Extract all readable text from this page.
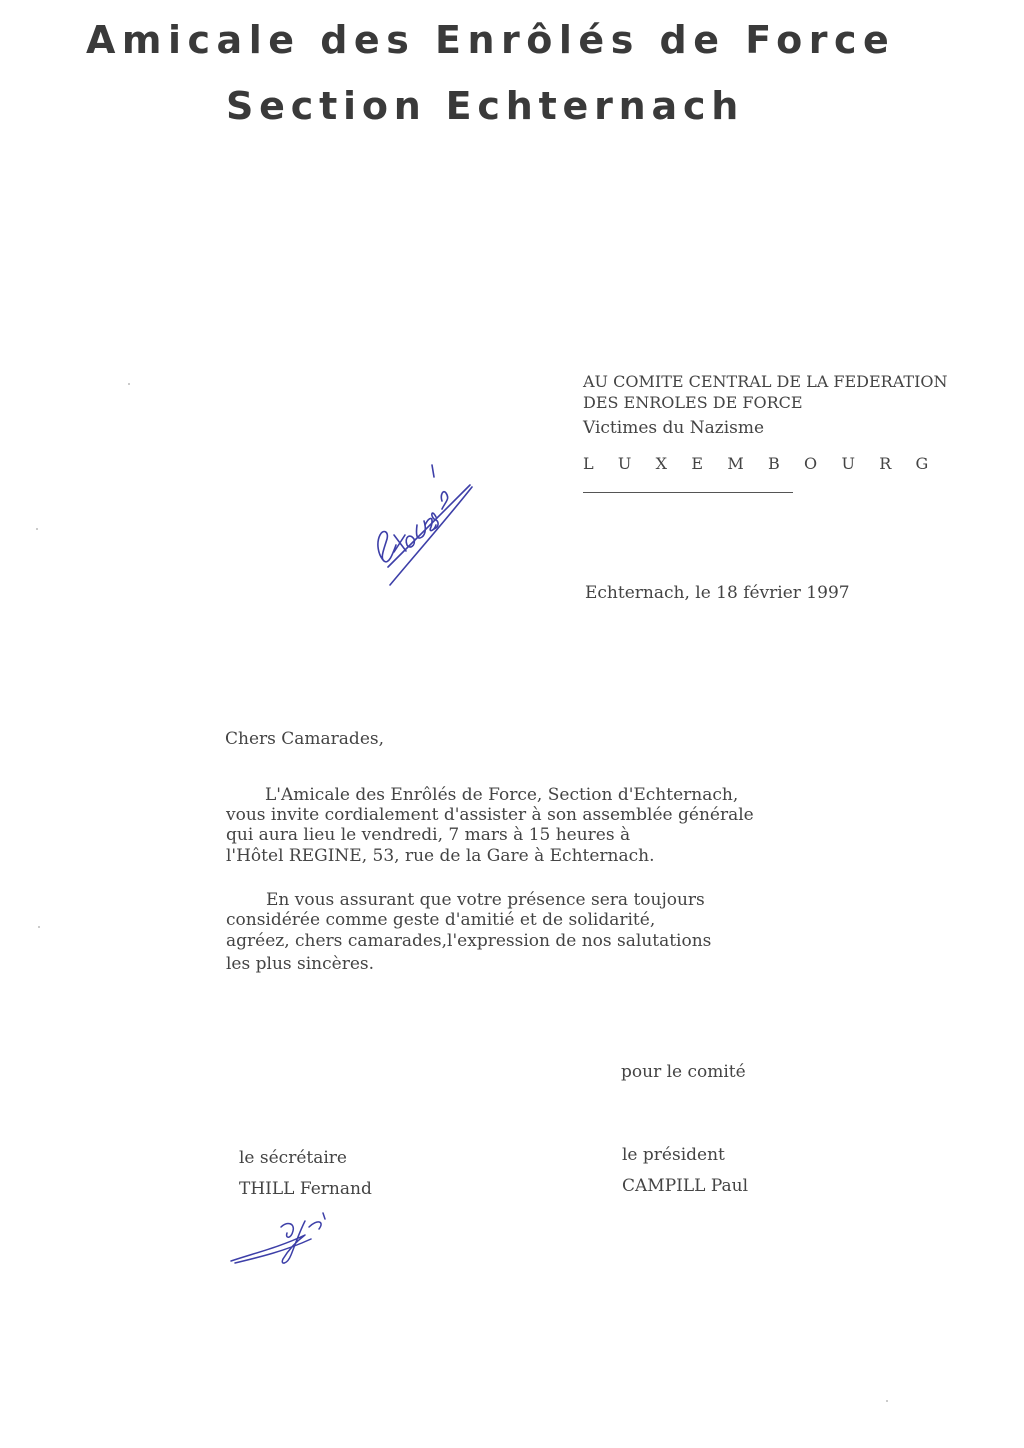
Amicale des Enrôlés de Force
Section Echternach

AU COMITE CENTRAL DE LA FEDERATION

DES ENROLES DE FORCE

Victimes du Nazisme

L U X E M B O U R G

Echternach, le 18 février 1997

Chers Camarades,

L'Amicale des Enrôlés de Force, Section d'Echternach,

vous invite cordialement d'assister à son assemblée générale

qui aura lieu le vendredi, 7 mars à 15 heures à

l'Hôtel REGINE, 53, rue de la Gare à Echternach.

En vous assurant que votre présence sera toujours

considérée comme geste d'amitié et de solidarité,

agréez, chers camarades,l'expression de nos salutations

les plus sincères.

pour le comité

le sécrétaire

THILL Fernand

le président

CAMPILL Paul
